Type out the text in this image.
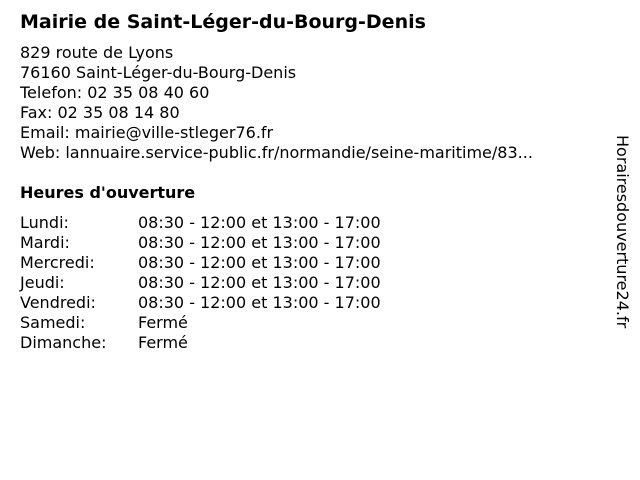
Mairie de Saint-Léger-du-Bourg-Denis
829 route de Lyons
76160 Saint-Léger-du-Bourg-Denis
Telefon: 02 35 08 40 60
Fax: 02 35 08 14 80
Email: mairie@ville-stleger76.fr
Web: lannuaire.service-public.fr/normandie/seine-maritime/83...
Heures d'ouverture
Lundi:	08:30 - 12:00 et 13:00 - 17:00
Mardi:	08:30 - 12:00 et 13:00 - 17:00
Mercredi:	08:30 - 12:00 et 13:00 - 17:00
Jeudi:	08:30 - 12:00 et 13:00 - 17:00
Vendredi:	08:30 - 12:00 et 13:00 - 17:00
Samedi:	Fermé
Dimanche: Fermé
Horairesdouverture24.fr
